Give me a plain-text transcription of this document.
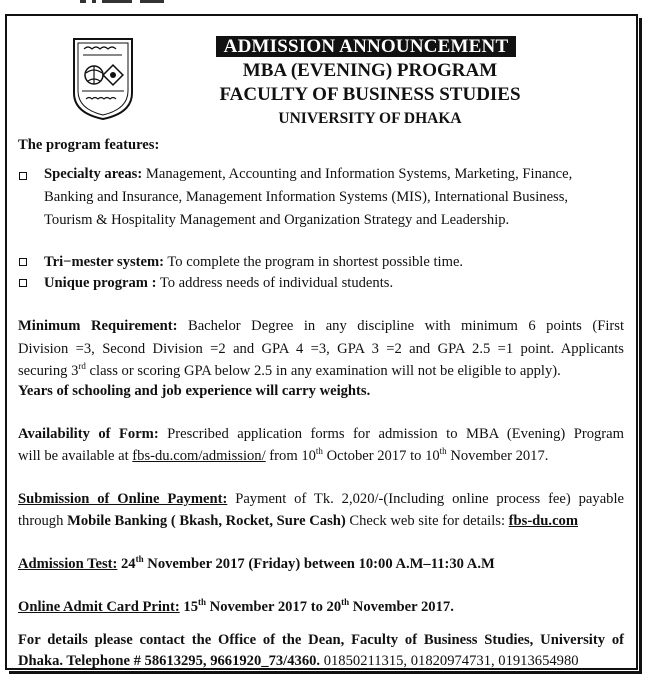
ADMISSION ANNOUNCEMENT
MBA (EVENING) PROGRAM
FACULTY OF BUSINESS STUDIES
UNIVERSITY OF DHAKA
The program features:
Specialty areas: Management, Accounting and Information Systems, Marketing, Finance,
Banking and Insurance, Management Information Systems (MIS), International Business,
Tourism & Hospitality Management and Organization Strategy and Leadership.
Tri−mester system: To complete the program in shortest possible time.
Unique program : To address needs of individual students.
Minimum Requirement: Bachelor Degree in any discipline with minimum 6 points (First
Division =3, Second Division =2 and GPA 4 =3, GPA 3 =2 and GPA 2.5 =1 point. Applicants
securing 3rd class or scoring GPA below 2.5 in any examination will not be eligible to apply).
Years of schooling and job experience will carry weights.
Availability of Form: Prescribed application forms for admission to MBA (Evening) Program
will be available at fbs-du.com/admission/ from 10th October 2017 to 10th November 2017.
Submission of Online Payment: Payment of Tk. 2,020/-(Including online process fee) payable
through Mobile Banking ( Bkash, Rocket, Sure Cash) Check web site for details: fbs-du.com
Admission Test: 24th November 2017 (Friday) between 10:00 A.M–11:30 A.M
Online Admit Card Print: 15th November 2017 to 20th November 2017.
For details please contact the Office of the Dean, Faculty of Business Studies, University of
Dhaka. Telephone # 58613295, 9661920_73/4360. 01850211315, 01820974731, 01913654980
